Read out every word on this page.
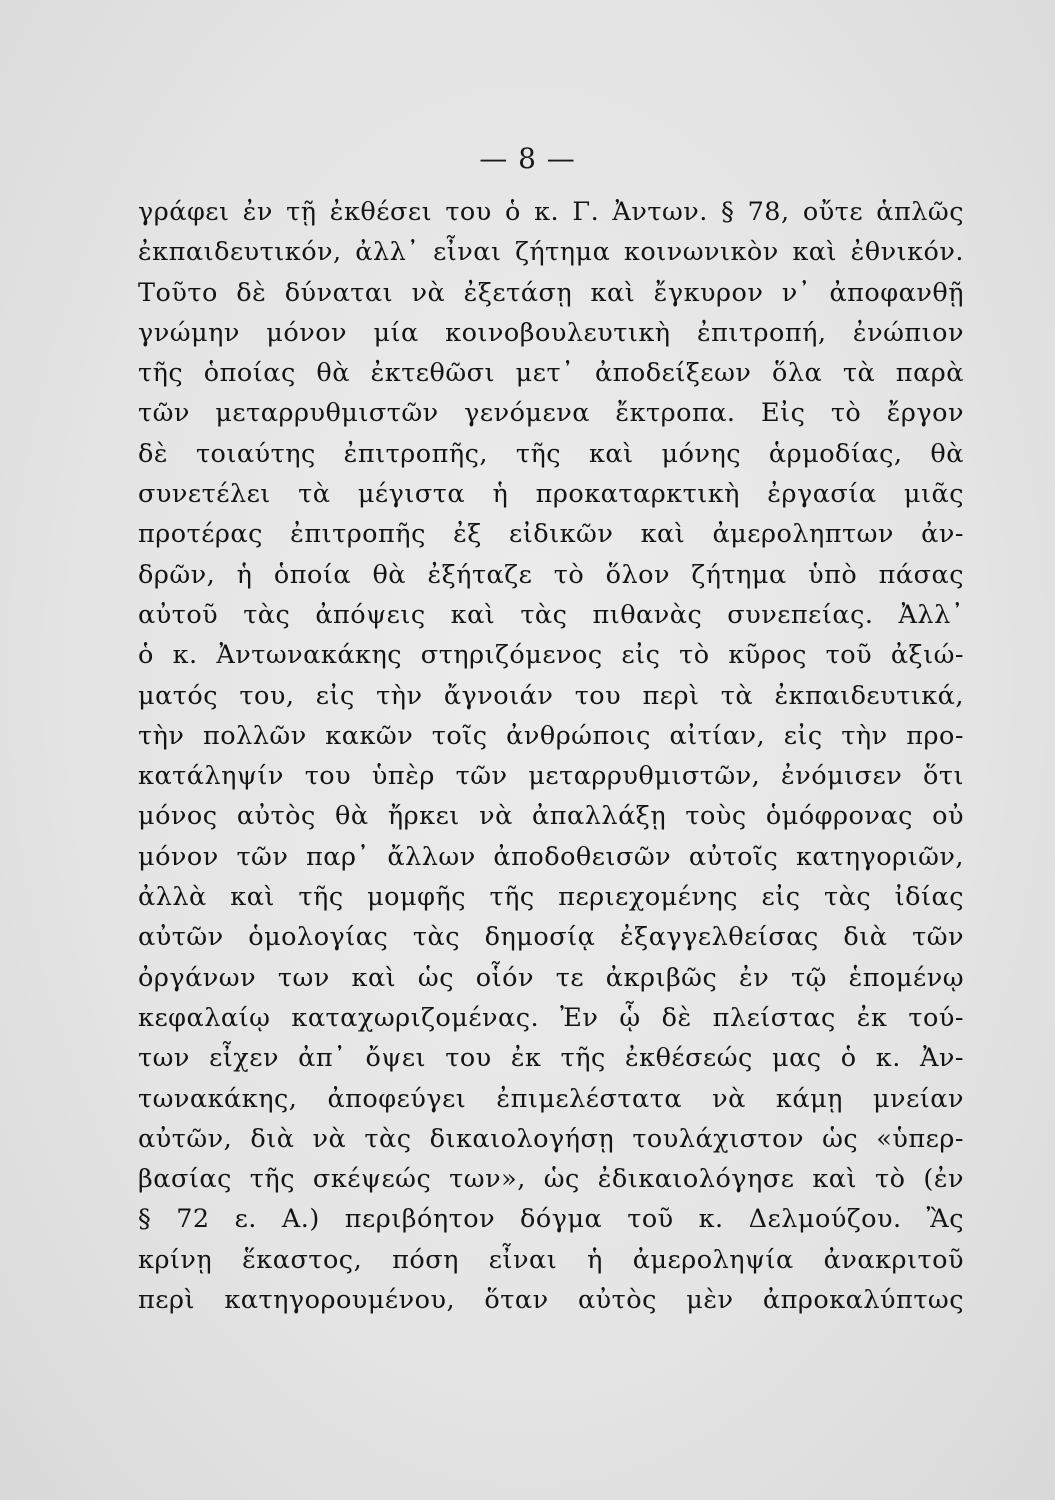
— 8 —
γράφει ἐν τῇ ἐκθέσει του ὁ κ. Γ. Ἀντων. § 78, οὔτε ἁπλῶς
ἐκπαιδευτικόν, ἀλλ᾽ εἶναι ζήτημα κοινωνικὸν καὶ ἐθνικόν.
Τοῦτο δὲ δύναται νὰ ἐξετάσῃ καὶ ἔγκυρον ν᾽ ἀποφανθῇ
γνώμην μόνον μία κοινοβουλευτικὴ ἐπιτροπή, ἐνώπιον
τῆς ὁποίας θὰ ἐκτεθῶσι μετ᾽ ἀποδείξεων ὅλα τὰ παρὰ
τῶν μεταρρυθμιστῶν γενόμενα ἔκτροπα. Εἰς τὸ ἔργον
δὲ τοιαύτης ἐπιτροπῆς, τῆς καὶ μόνης ἁρμοδίας, θὰ
συνετέλει τὰ μέγιστα ἡ προκαταρκτικὴ ἐργασία μιᾶς
προτέρας ἐπιτροπῆς ἐξ εἰδικῶν καὶ ἀμεροληπτων ἀν-
δρῶν, ἡ ὁποία θὰ ἐξήταζε τὸ ὅλον ζήτημα ὑπὸ πάσας
αὐτοῦ τὰς ἀπόψεις καὶ τὰς πιθανὰς συνεπείας. Ἀλλ᾽
ὁ κ. Ἀντωνακάκης στηριζόμενος εἰς τὸ κῦρος τοῦ ἀξιώ-
ματός του, εἰς τὴν ἄγνοιάν του περὶ τὰ ἐκπαιδευτικά,
τὴν πολλῶν κακῶν τοῖς ἀνθρώποις αἰτίαν, εἰς τὴν προ-
κατάληψίν του ὑπὲρ τῶν μεταρρυθμιστῶν, ἐνόμισεν ὅτι
μόνος αὐτὸς θὰ ἤρκει νὰ ἀπαλλάξῃ τοὺς ὁμόφρονας οὐ
μόνον τῶν παρ᾽ ἄλλων ἀποδοθεισῶν αὐτοῖς κατηγοριῶν,
ἀλλὰ καὶ τῆς μομφῆς τῆς περιεχομένης εἰς τὰς ἰδίας
αὐτῶν ὁμολογίας τὰς δημοσίᾳ ἐξαγγελθείσας διὰ τῶν
ὀργάνων των καὶ ὡς οἷόν τε ἀκριβῶς ἐν τῷ ἑπομένῳ
κεφαλαίῳ καταχωριζομένας. Ἐν ᾧ δὲ πλείστας ἐκ τού-
των εἶχεν ἀπ᾽ ὄψει του ἐκ τῆς ἐκθέσεώς μας ὁ κ. Ἀν-
τωνακάκης, ἀποφεύγει ἐπιμελέστατα νὰ κάμῃ μνείαν
αὐτῶν, διὰ νὰ τὰς δικαιολογήσῃ τουλάχιστον ὡς «ὑπερ-
βασίας τῆς σκέψεώς των», ὡς ἐδικαιολόγησε καὶ τὸ (ἐν
§ 72 ε. Α.) περιβόητον δόγμα τοῦ κ. Δελμούζου. Ἂς
κρίνῃ ἕκαστος, πόση εἶναι ἡ ἀμεροληψία ἀνακριτοῦ
περὶ κατηγορουμένου, ὅταν αὐτὸς μὲν ἀπροκαλύπτως
